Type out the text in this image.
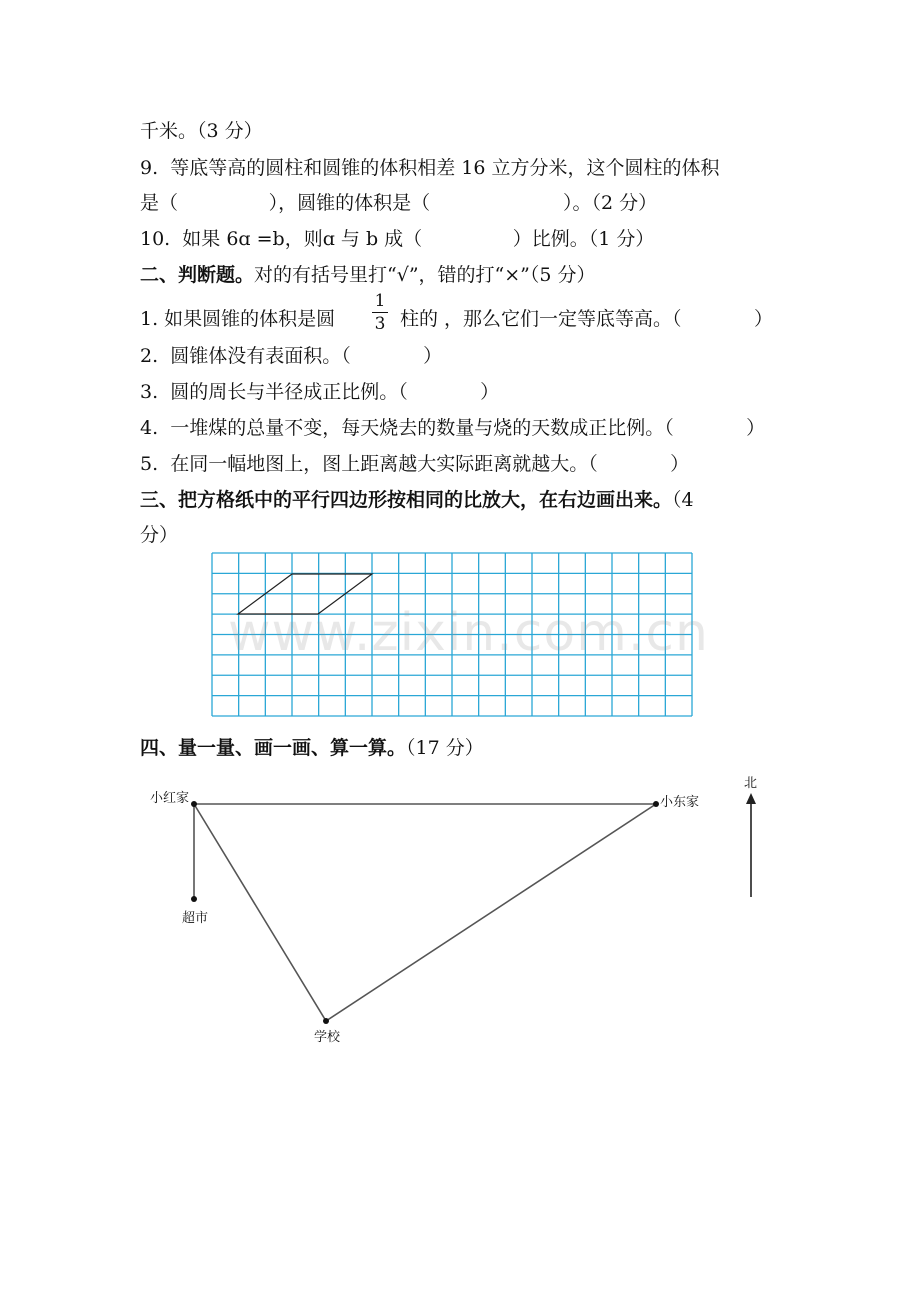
千米。（3 分）
9.  等底等高的圆柱和圆锥的体积相差 16 立方分米，这个圆柱的体积
是（               ），圆锥的体积是（                      ）。（2 分）
10.  如果 6ɑ =b，则ɑ 与 b 成（               ）比例。（1 分）
二、判断题。对的有括号里打“√”，错的打“×”（5 分）
1. 如果圆锥的体积是圆
1
3 柱的 ，那么它们一定等底等高。（            ）
2.  圆锥体没有表面积。（            ）
3.  圆的周长与半径成正比例。（            ）
4.  一堆煤的总量不变，每天烧去的数量与烧的天数成正比例。（            ）
5.  在同一幅地图上，图上距离越大实际距离就越大。（            ）
三、把方格纸中的平行四边形按相同的比放大，在右边画出来。（4
分）
小红家	小东家
超市
学校
北
www.zixin.com.cn
四、量一量、画一画、算一算。（17 分）
